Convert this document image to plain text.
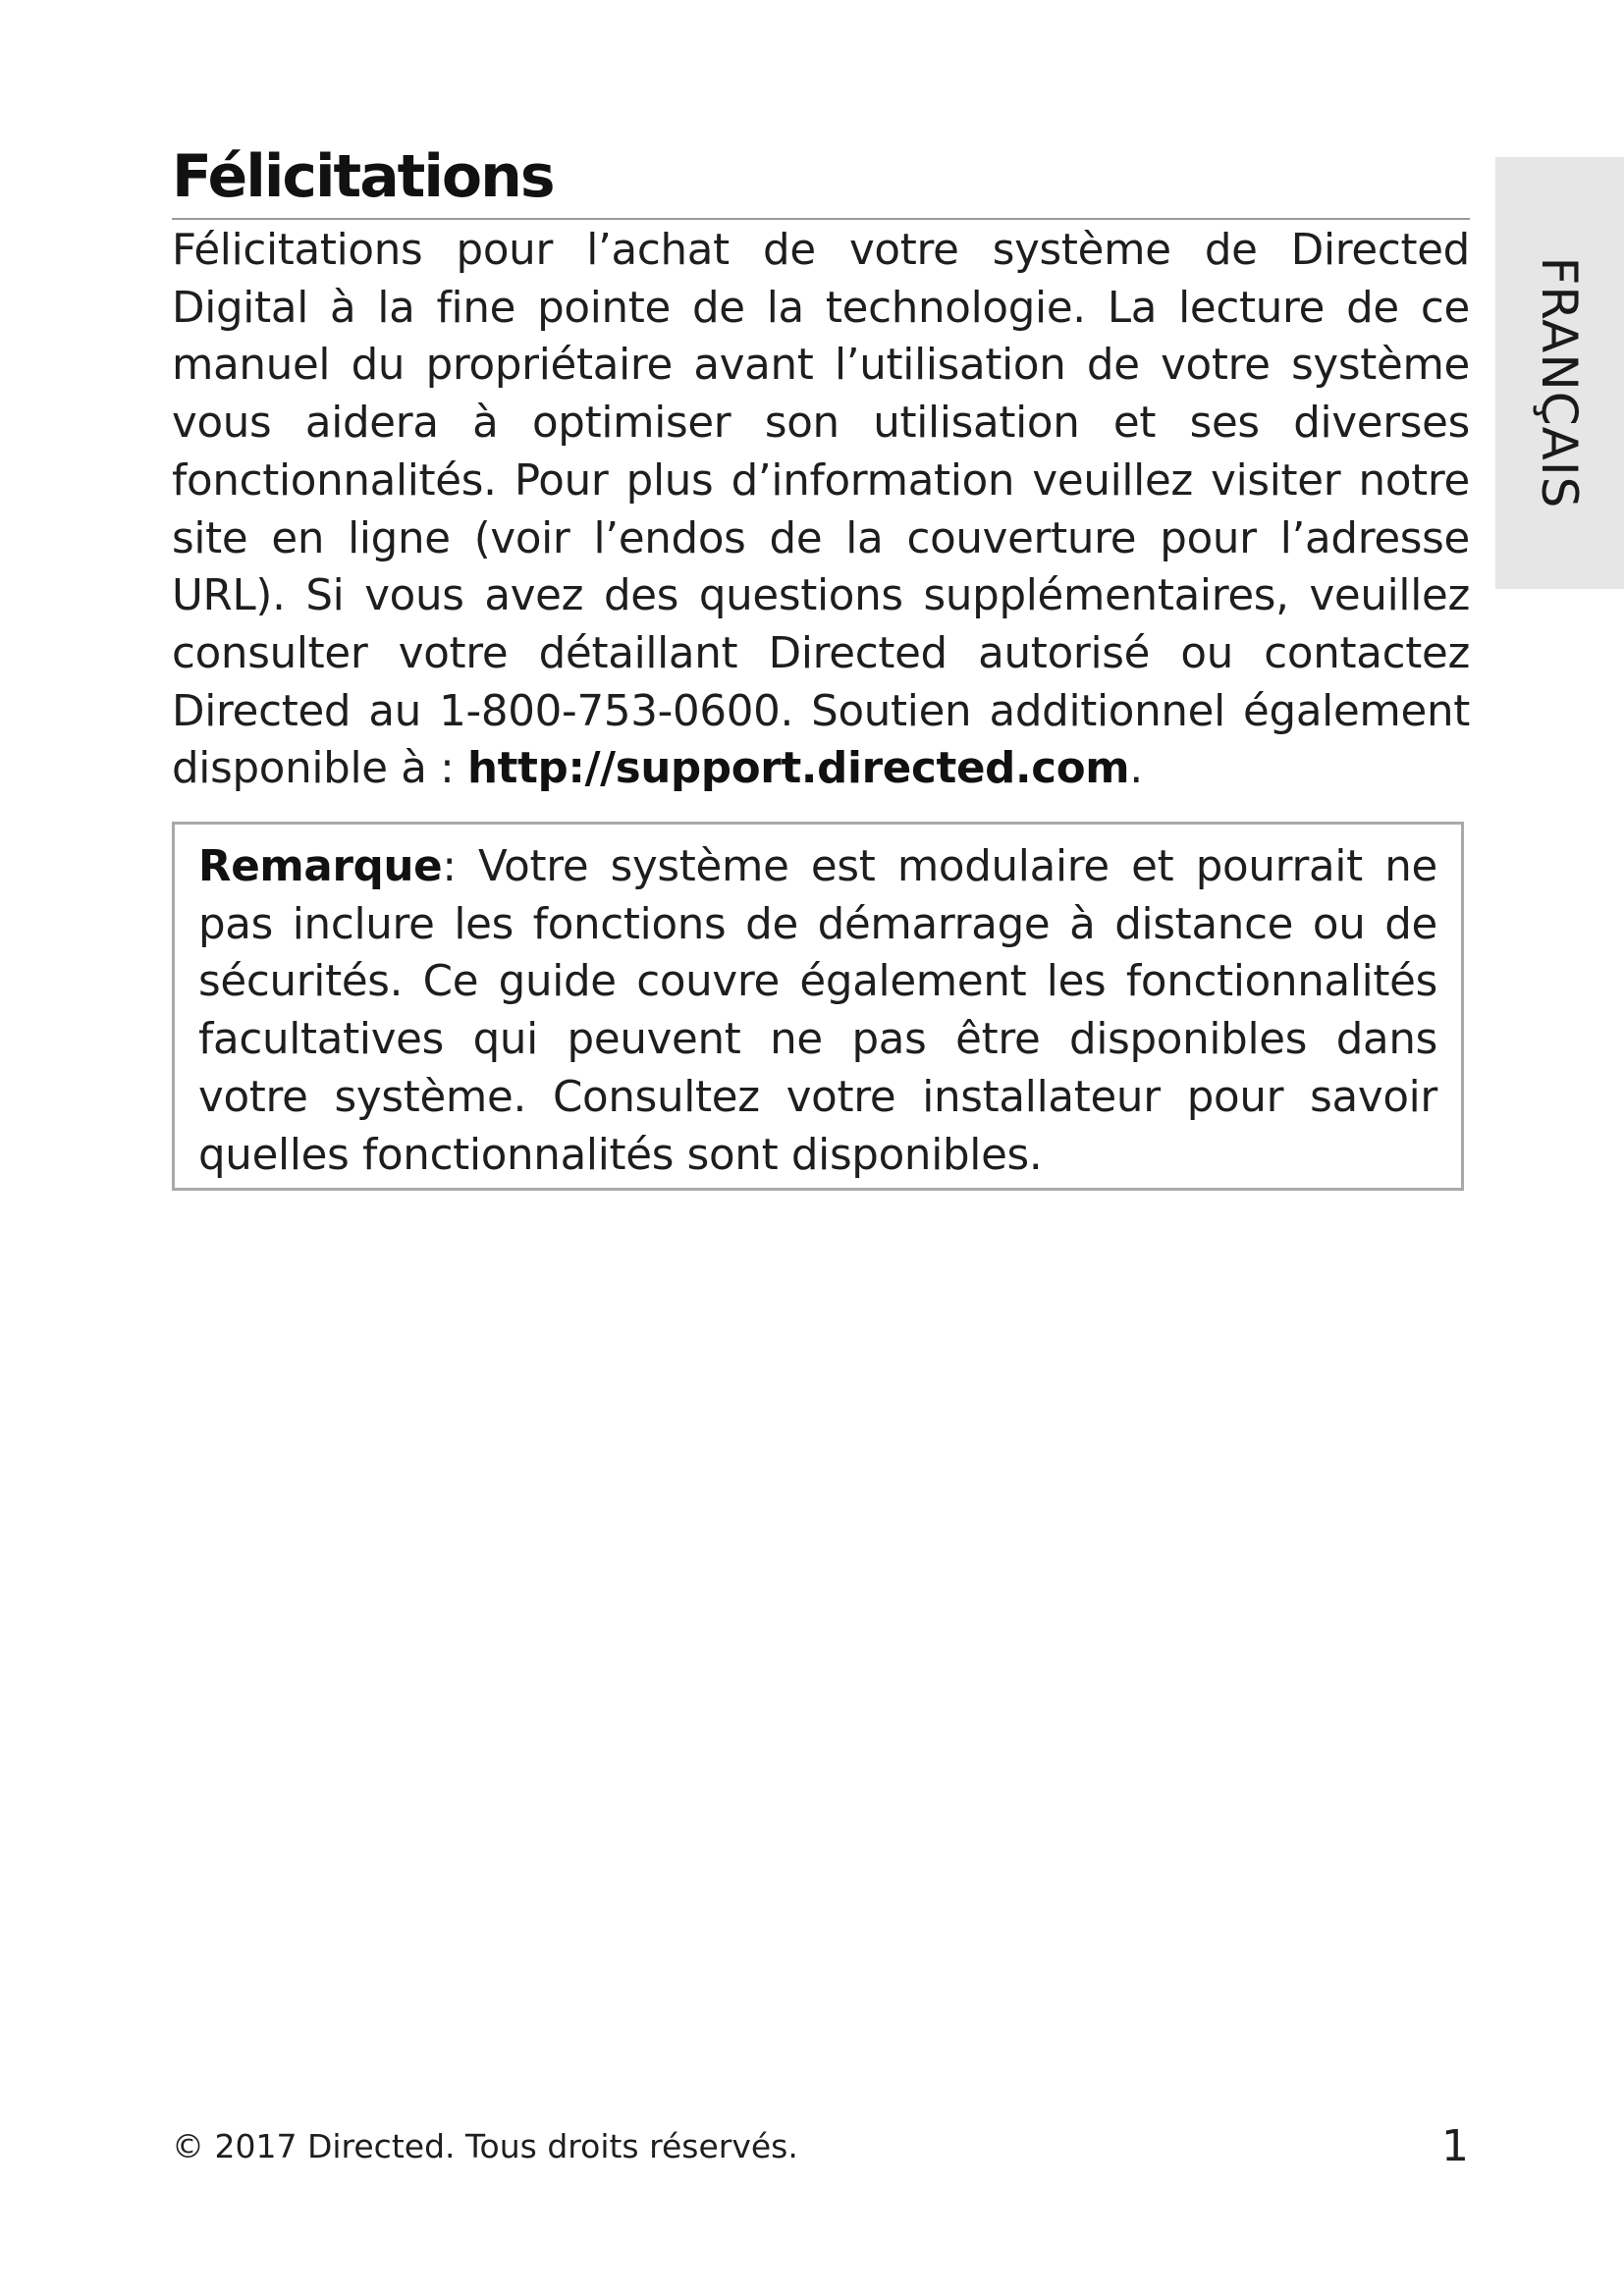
Félicitations

Félicitations pour l’achat de votre système de Directed Digital à la fine pointe de la technologie. La lecture de ce manuel du propriétaire avant l’utilisation de votre système vous aidera à optimiser son utilisation et ses diverses fonctionnalités. Pour plus d’information veuillez visiter notre site en ligne (voir l’endos de la couverture pour l’adresse URL). Si vous avez des questions supplémentaires, veuillez consulter votre détaillant Directed autorisé ou contactez Directed au 1-800-753-0600. Soutien additionnel également disponible à : http://support.directed.com.

Remarque: Votre système est modulaire et pourrait ne pas inclure les fonctions de démarrage à distance ou de sécurités. Ce guide couvre également les fonctionnalités facultatives qui peuvent ne pas être disponibles dans votre système. Consultez votre installateur pour savoir quelles fonctionnalités sont disponibles.

FRANÇAIS

© 2017 Directed. Tous droits réservés.	1
